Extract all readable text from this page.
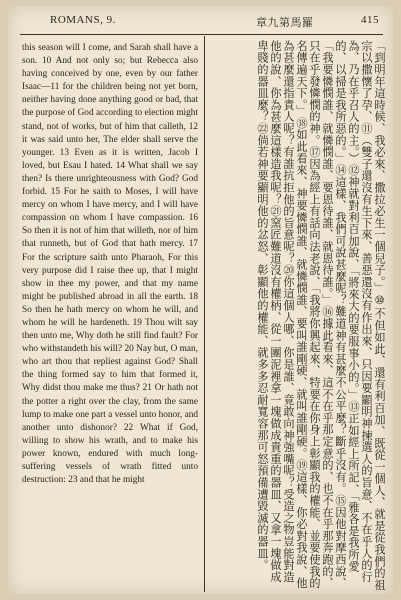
ROMANS, 9.	章九第馬羅	415
this season will I come, and Sarah shall have a son. 10 And not only so; but Rebecca also having conceived by one, even by our father Isaac—11 for the children being not yet born, neither having done anything good or bad, that the purpose of God according to election might stand, not of works, but of him that calleth, 12 it was said unto her, The elder shall serve the younger. 13 Even as it is written, Jacob I loved, but Esau I hated. 14 What shall we say then? Is there unrighteousness with God? God forbid. 15 For he saith to Moses, I will have mercy on whom I have mercy, and I will have compassion on whom I have compassion. 16 So then it is not of him that willeth, nor of him that runneth, but of God that hath mercy. 17 For the scripture saith unto Pharaoh, For this very purpose did I raise thee up, that I might show in thee my power, and that my name might be published abroad in all the earth. 18 So then he hath mercy on whom he will, and whom he will he hardeneth. 19 Thou wilt say then unto me, Why doth he still find fault? For who withstandeth his will? 20 Nay but, O man, who art thou that repliest against God? Shall the thing formed say to him that formed it, Why didst thou make me thus? 21 Or hath not the potter a right over the clay, from the same lump to make one part a vessel unto honor, and another unto dishonor? 22 What if God, willing to show his wrath, and to make his power known, endured with much long-suffering vessels of wrath fitted unto destruction: 23 and that he might	「到明年這時候、我必來、撒拉必生一個兒子。」⑩不但如此、還有利百加、既從一個人、就是從我們的祖宗以撒懷了孕、⑪（雙子還沒有生下來、善惡還沒有作出來、只因要顯明神揀選人的旨意、不在乎人的行為、乃在乎召人的主。）⑫神就對利百加說、「將來大的要服事小的。」⑬正如經上所記、「雅各是我所愛的、以掃是我所惡的。」⑭這樣、我們可說甚麼呢？難道神有甚麼不公平麼？斷乎沒有。⑮因他對摩西說、「我要憐憫誰、就憐憫誰、要恩待誰、就恩待誰。」⑯據此看來、這不在乎那定意的、也不在乎那奔跑的、只在乎發憐憫的神。⑰因為經上有話向法老說、「我將你興起來、特要在你身上彰顯我的權能、並要使我的名傳遍天下。」⑱如此看來、神要憐憫誰、就憐憫誰、要叫誰剛硬、就叫誰剛硬。⑲這樣、你必對我說、他為甚麼還指責人呢？有誰抗拒他的旨意呢？⑳你這個人哪、你是誰、竟敢向神強嘴呢？受造之物豈能對造他的說、你為甚麼這樣造我呢？㉑窯匠難道沒有權柄、從一團泥裡拿一塊做成貴重的器皿、又拿一塊做成卑賤的器皿麼？㉒倘若神要顯明他的忿怒、彰顯他的權能、就多多忍耐寬容那可怒預備遭毀滅的器皿。
